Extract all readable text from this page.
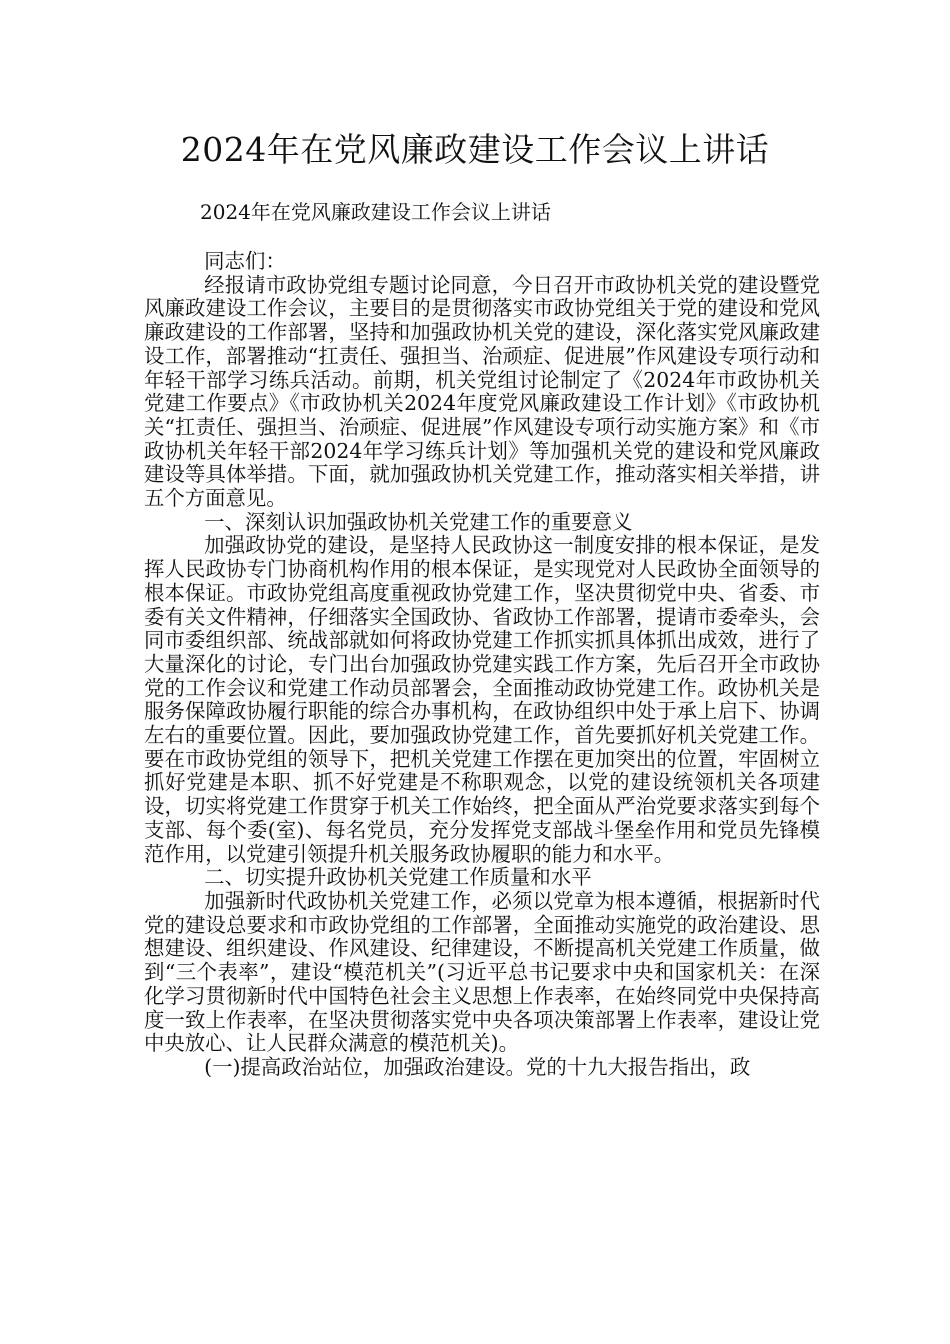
2024年在党风廉政建设工作会议上讲话
2024年在党风廉政建设工作会议上讲话

同志们：

经报请市政协党组专题讨论同意，今日召开市政协机关党的建设暨党风廉政建设工作会议，主要目的是贯彻落实市政协党组关于党的建设和党风廉政建设的工作部署，坚持和加强政协机关党的建设，深化落实党风廉政建设工作，部署推动“扛责任、强担当、治顽症、促进展”作风建设专项行动和年轻干部学习练兵活动。前期，机关党组讨论制定了《2024年市政协机关党建工作要点》《市政协机关2024年度党风廉政建设工作计划》《市政协机关“扛责任、强担当、治顽症、促进展”作风建设专项行动实施方案》和《市政协机关年轻干部2024年学习练兵计划》等加强机关党的建设和党风廉政建设等具体举措。下面，就加强政协机关党建工作，推动落实相关举措，讲五个方面意见。

一、深刻认识加强政协机关党建工作的重要意义

加强政协党的建设，是坚持人民政协这一制度安排的根本保证，是发挥人民政协专门协商机构作用的根本保证，是实现党对人民政协全面领导的根本保证。市政协党组高度重视政协党建工作，坚决贯彻党中央、省委、市委有关文件精神，仔细落实全国政协、省政协工作部署，提请市委牵头，会同市委组织部、统战部就如何将政协党建工作抓实抓具体抓出成效，进行了大量深化的讨论，专门出台加强政协党建实践工作方案，先后召开全市政协党的工作会议和党建工作动员部署会，全面推动政协党建工作。政协机关是服务保障政协履行职能的综合办事机构，在政协组织中处于承上启下、协调左右的重要位置。因此，要加强政协党建工作，首先要抓好机关党建工作。要在市政协党组的领导下，把机关党建工作摆在更加突出的位置，牢固树立抓好党建是本职、抓不好党建是不称职观念，以党的建设统领机关各项建设，切实将党建工作贯穿于机关工作始终，把全面从严治党要求落实到每个支部、每个委(室)、每名党员，充分发挥党支部战斗堡垒作用和党员先锋模范作用，以党建引领提升机关服务政协履职的能力和水平。

二、切实提升政协机关党建工作质量和水平

加强新时代政协机关党建工作，必须以党章为根本遵循，根据新时代党的建设总要求和市政协党组的工作部署，全面推动实施党的政治建设、思想建设、组织建设、作风建设、纪律建设，不断提高机关党建工作质量，做到“三个表率”，建设“模范机关”(习近平总书记要求中央和国家机关：在深化学习贯彻新时代中国特色社会主义思想上作表率，在始终同党中央保持高度一致上作表率，在坚决贯彻落实党中央各项决策部署上作表率，建设让党中央放心、让人民群众满意的模范机关)。

(一)提高政治站位，加强政治建设。党的十九大报告指出，政
